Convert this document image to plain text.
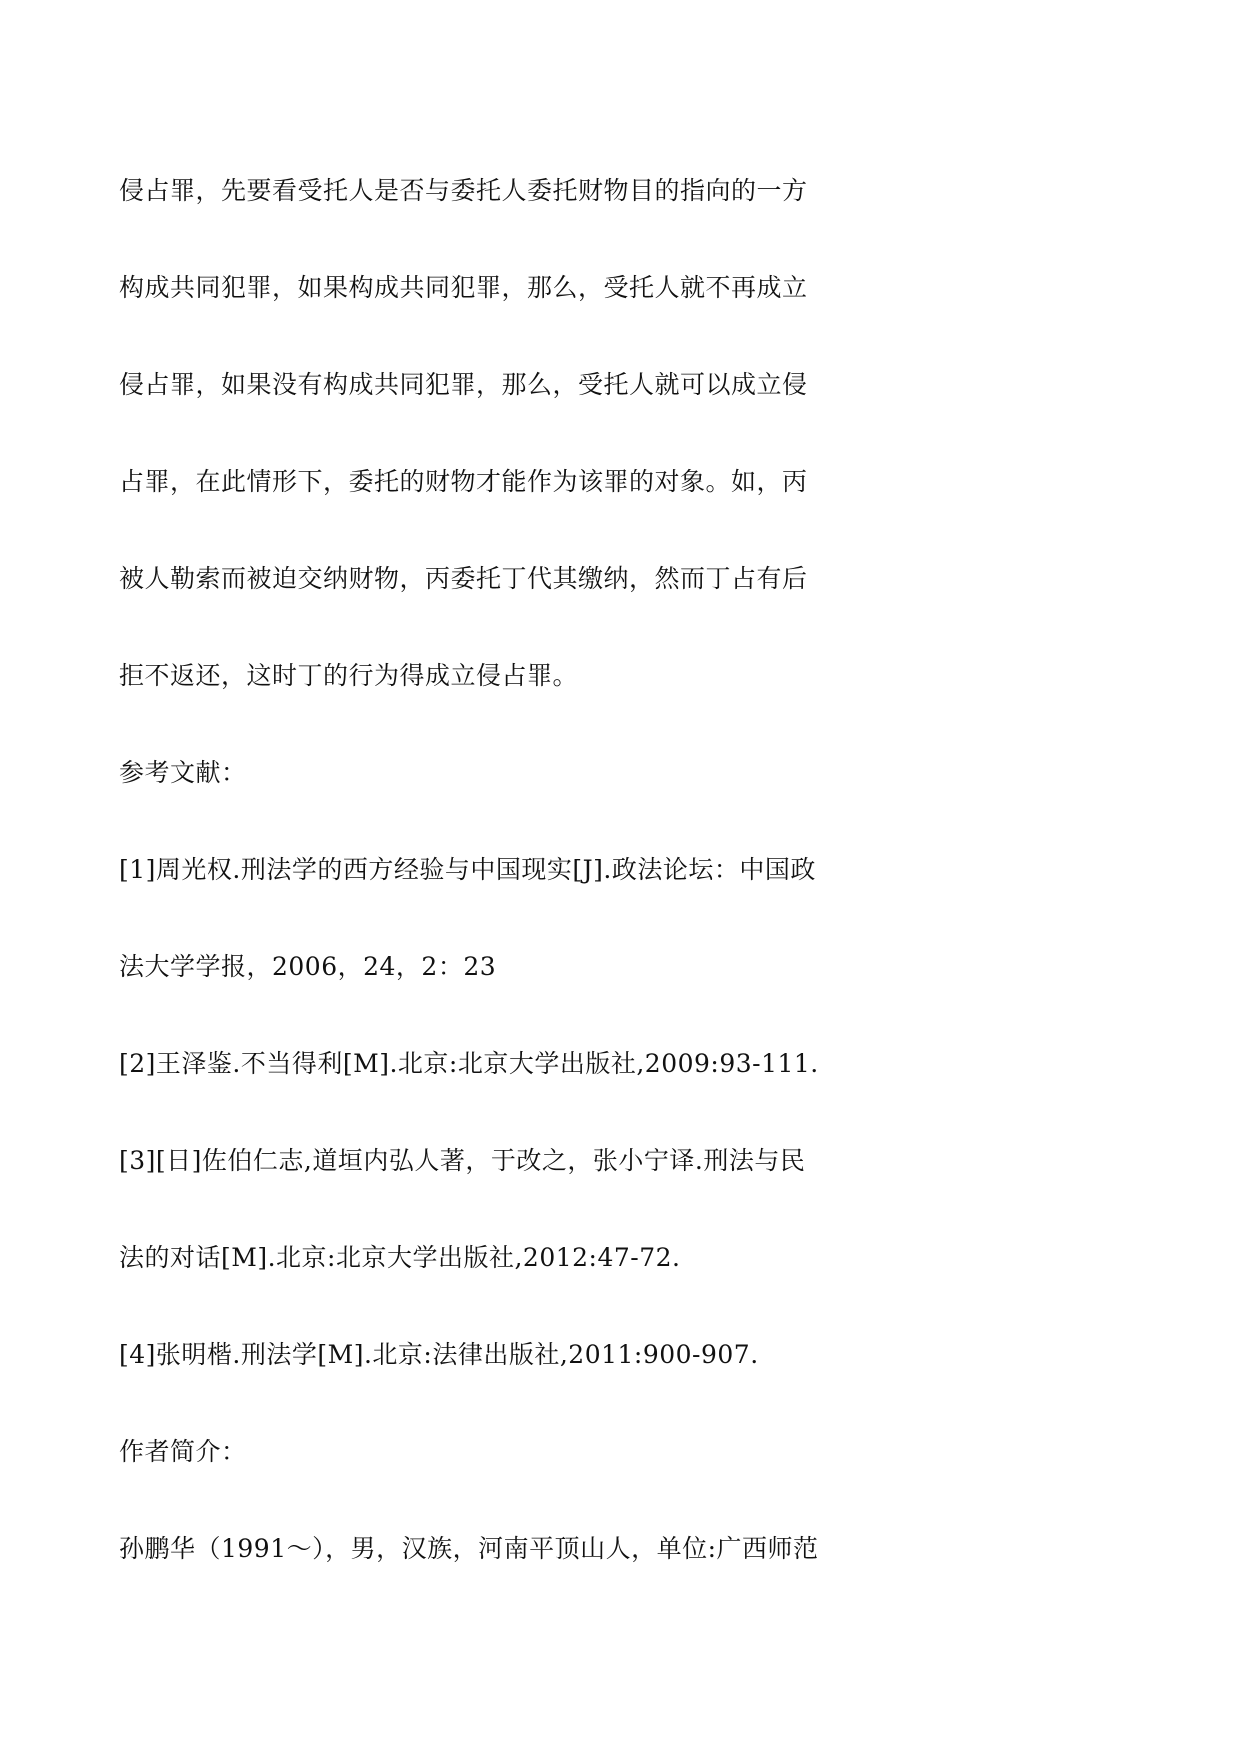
侵占罪，先要看受托人是否与委托人委托财物目的指向的一方
构成共同犯罪，如果构成共同犯罪，那么，受托人就不再成立
侵占罪，如果没有构成共同犯罪，那么，受托人就可以成立侵
占罪，在此情形下，委托的财物才能作为该罪的对象。如，丙
被人勒索而被迫交纳财物，丙委托丁代其缴纳，然而丁占有后
拒不返还，这时丁的行为得成立侵占罪。
参考文献：
[1]周光权.刑法学的西方经验与中国现实[J].政法论坛：中国政
法大学学报，2006，24，2：23
[2]王泽鉴.不当得利[M].北京:北京大学出版社,2009:93-111.
[3][日]佐伯仁志,道垣内弘人著，于改之，张小宁译.刑法与民
法的对话[M].北京:北京大学出版社,2012:47-72.
[4]张明楷.刑法学[M].北京:法律出版社,2011:900-907.
作者简介：
孙鹏华（1991～），男，汉族，河南平顶山人，单位:广西师范
